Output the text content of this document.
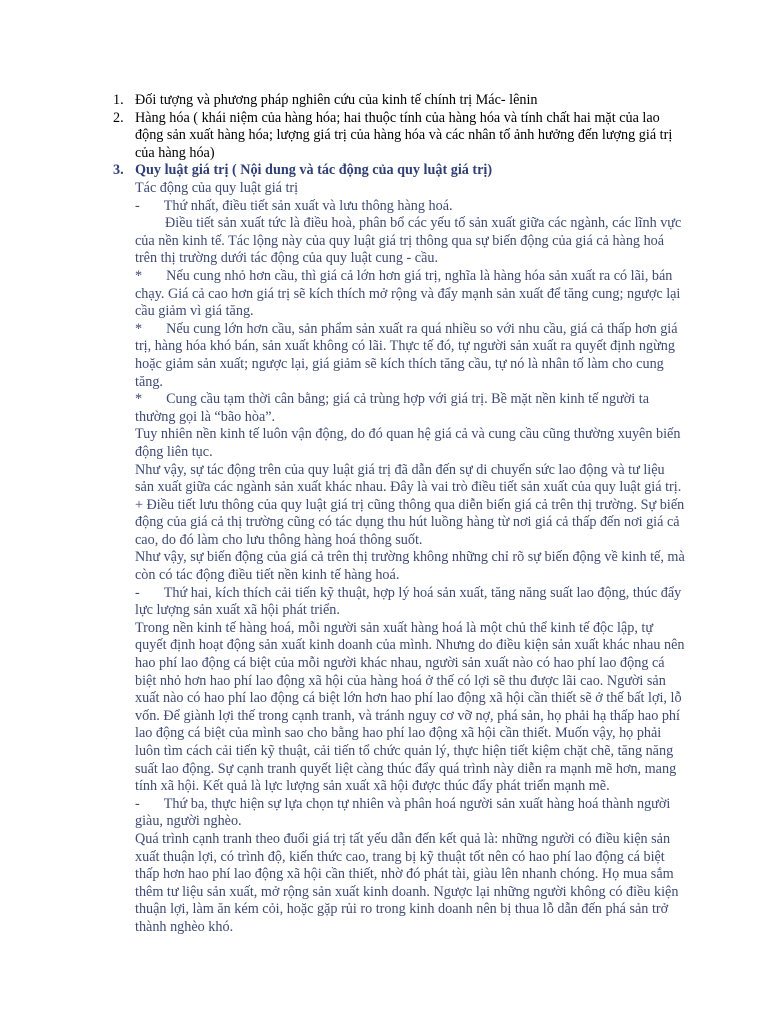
1. Đối tượng và phương pháp nghiên cứu của kinh tế chính trị Mác- lênin
2. Hàng hóa ( khái niệm của hàng hóa; hai thuộc tính của hàng hóa và tính chất hai mặt của lao động sản xuất hàng hóa; lượng giá trị của hàng hóa và các nhân tố ảnh hưởng đến lượng giá trị của hàng hóa)
3. Quy luật giá trị ( Nội dung và tác động của quy luật giá trị)

Tác động của quy luật giá trị

- Thứ nhất, điều tiết sản xuất và lưu thông hàng hoá.

Điều tiết sản xuất tức là điều hoà, phân bổ các yếu tố sản xuất giữa các ngành, các lĩnh vực của nền kinh tế. Tác lộng này của quy luật giá trị thông qua sự biến động của giá cả hàng hoá trên thị trường dưới tác động của quy luật cung - cầu.

* Nếu cung nhỏ hơn cầu, thì giá cả lớn hơn giá trị, nghĩa là hàng hóa sản xuất ra có lãi, bán chạy. Giá cả cao hơn giá trị sẽ kích thích mở rộng và đẩy mạnh sản xuất để tăng cung; ngược lại cầu giảm vì giá tăng.

* Nếu cung lớn hơn cầu, sản phẩm sản xuất ra quá nhiều so với nhu cầu, giá cả thấp hơn giá trị, hàng hóa khó bán, sản xuất không có lãi. Thực tế đó, tự người sản xuất ra quyết định ngừng hoặc giảm sản xuất; ngược lại, giá giảm sẽ kích thích tăng cầu, tự nó là nhân tố làm cho cung tăng.

* Cung cầu tạm thời cân bằng; giá cả trùng hợp với giá trị. Bề mặt nền kinh tế người ta thường gọi là “bão hòa”.

Tuy nhiên nền kinh tế luôn vận động, do đó quan hệ giá cả và cung cầu cũng thường xuyên biến động liên tục.

Như vậy, sự tác động trên của quy luật giá trị đã dẫn đến sự di chuyển sức lao động và tư liệu sản xuất giữa các ngành sản xuất khác nhau. Đây là vai trò điều tiết sản xuất của quy luật giá trị.

+ Điều tiết lưu thông của quy luật giá trị cũng thông qua diễn biến giá cả trên thị trường. Sự biến động của giá cả thị trường cũng có tác dụng thu hút luồng hàng từ nơi giá cả thấp đến nơi giá cả cao, do đó làm cho lưu thông hàng hoá thông suốt.

Như vậy, sự biến động của giá cả trên thị trường không những chỉ rõ sự biến động về kinh tế, mà còn có tác động điều tiết nền kinh tế hàng hoá.

- Thứ hai, kích thích cải tiến kỹ thuật, hợp lý hoá sản xuất, tăng năng suất lao động, thúc đẩy lực lượng sản xuất xã hội phát triển.

Trong nền kinh tế hàng hoá, mỗi người sản xuất hàng hoá là một chủ thể kinh tế độc lập, tự quyết định hoạt động sản xuất kinh doanh của mình. Nhưng do điều kiện sản xuất khác nhau nên hao phí lao động cá biệt của mỗi người khác nhau, người sản xuất nào có hao phí lao động cá biệt nhỏ hơn hao phí lao động xã hội của hàng hoá ở thế có lợi sẽ thu được lãi cao. Người sản xuất nào có hao phí lao động cá biệt lớn hơn hao phí lao động xã hội cần thiết sẽ ở thế bất lợi, lỗ vốn. Để giành lợi thế trong cạnh tranh, và tránh nguy cơ vỡ nợ, phá sản, họ phải hạ thấp hao phí lao động cá biệt của mình sao cho bằng hao phí lao động xã hội cần thiết. Muốn vậy, họ phải luôn tìm cách cải tiến kỹ thuật, cải tiến tổ chức quản lý, thực hiện tiết kiệm chặt chẽ, tăng năng suất lao động. Sự cạnh tranh quyết liệt càng thúc đẩy quá trình này diễn ra mạnh mẽ hơn, mang tính xã hội. Kết quả là lực lượng sản xuất xã hội được thúc đẩy phát triển mạnh mẽ.

- Thứ ba, thực hiện sự lựa chọn tự nhiên và phân hoá người sản xuất hàng hoá thành người giàu, người nghèo.

Quá trình cạnh tranh theo đuổi giá trị tất yếu dẫn đến kết quả là: những người có điều kiện sản xuất thuận lợi, có trình độ, kiến thức cao, trang bị kỹ thuật tốt nên có hao phí lao động cá biệt thấp hơn hao phí lao động xã hội cần thiết, nhờ đó phát tài, giàu lên nhanh chóng. Họ mua sắm thêm tư liệu sản xuất, mở rộng sản xuất kinh doanh. Ngược lại những người không có điều kiện thuận lợi, làm ăn kém cỏi, hoặc gặp rủi ro trong kinh doanh nên bị thua lỗ dẫn đến phá sản trở thành nghèo khó.
